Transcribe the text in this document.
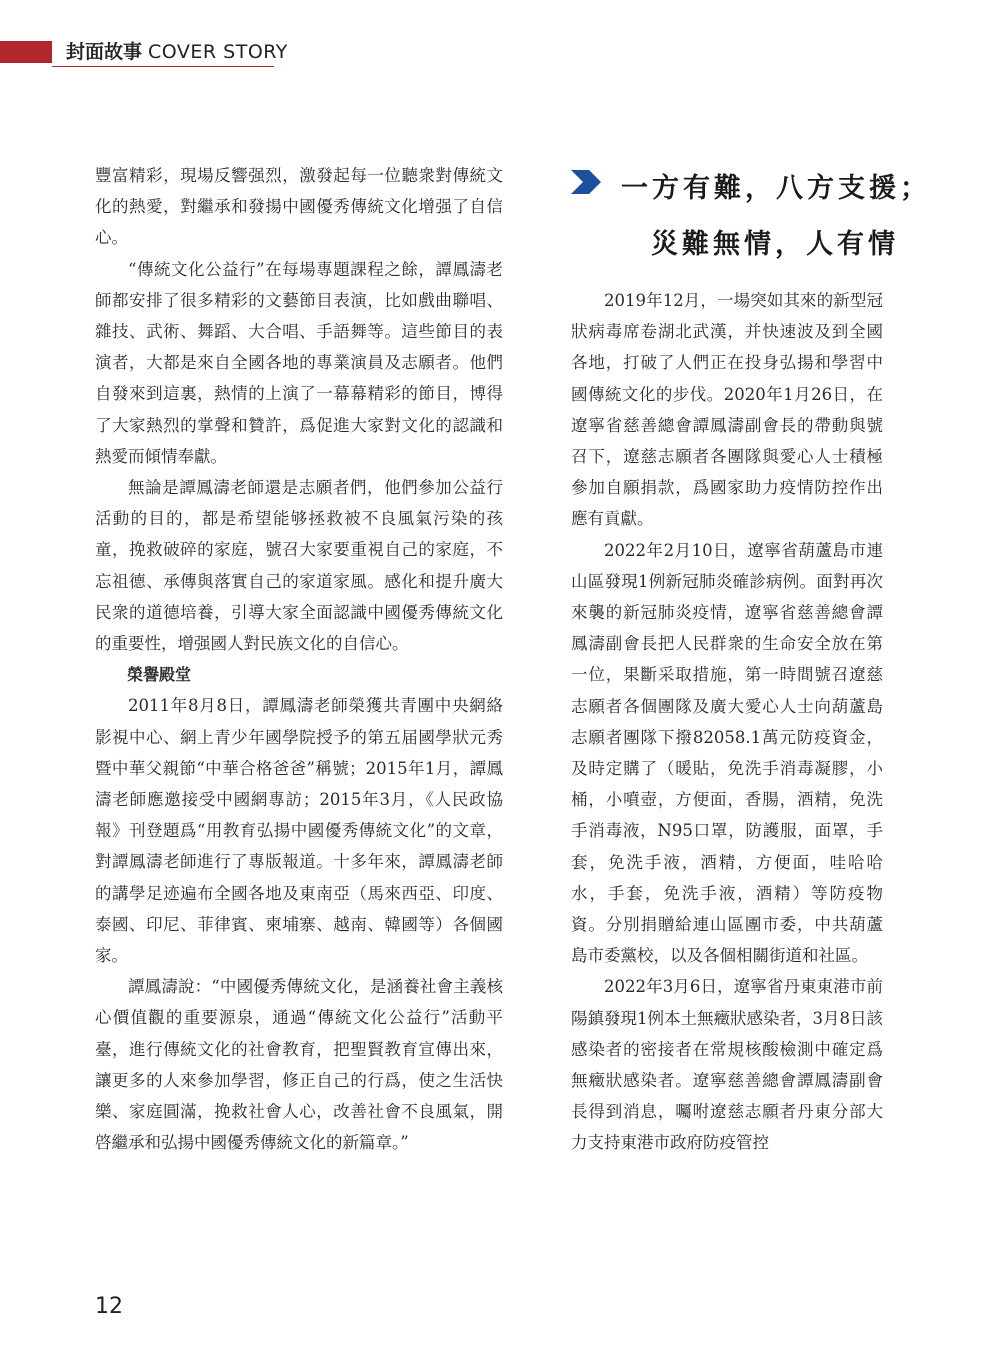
封面故事 COVER STORY

豐富精彩，現場反響强烈，激發起每一位聽衆對傳統文化的熱愛，對繼承和發揚中國優秀傳統文化增强了自信心。

“傳統文化公益行”在每場專題課程之餘，譚鳳濤老師都安排了很多精彩的文藝節目表演，比如戲曲聯唱、雜技、武術、舞蹈、大合唱、手語舞等。這些節目的表演者，大都是來自全國各地的專業演員及志願者。他們自發來到這裏，熱情的上演了一幕幕精彩的節目，博得了大家熱烈的掌聲和贊許，爲促進大家對文化的認識和熱愛而傾情奉獻。

無論是譚鳳濤老師還是志願者們，他們參加公益行活動的目的，都是希望能够拯救被不良風氣污染的孩童，挽救破碎的家庭，號召大家要重視自己的家庭，不忘祖德、承傳與落實自己的家道家風。感化和提升廣大民衆的道德培養，引導大家全面認識中國優秀傳統文化的重要性，增强國人對民族文化的自信心。

榮譽殿堂

2011年8月8日，譚鳳濤老師榮獲共青團中央網絡影視中心、網上青少年國學院授予的第五届國學狀元秀暨中華父親節“中華合格爸爸”稱號；2015年1月，譚鳳濤老師應邀接受中國網專訪；2015年3月，《人民政協報》刊登題爲“用教育弘揚中國優秀傳統文化”的文章，對譚鳳濤老師進行了專版報道。十多年來，譚鳳濤老師的講學足迹遍布全國各地及東南亞（馬來西亞、印度、泰國、印尼、菲律賓、柬埔寨、越南、韓國等）各個國家。

譚鳳濤說：“中國優秀傳統文化，是涵養社會主義核心價值觀的重要源泉，通過“傳統文化公益行”活動平臺，進行傳統文化的社會教育，把聖賢教育宣傳出來，讓更多的人來參加學習，修正自己的行爲，使之生活快樂、家庭圓滿，挽救社會人心，改善社會不良風氣，開啓繼承和弘揚中國優秀傳統文化的新篇章。”

一方有難，八方支援；
災難無情，人有情

2019年12月，一場突如其來的新型冠狀病毒席卷湖北武漢，并快速波及到全國各地，打破了人們正在投身弘揚和學習中國傳統文化的步伐。2020年1月26日，在遼寧省慈善總會譚鳳濤副會長的帶動與號召下，遼慈志願者各團隊與愛心人士積極參加自願捐款，爲國家助力疫情防控作出應有貢獻。

2022年2月10日，遼寧省葫蘆島市連山區發現1例新冠肺炎確診病例。面對再次來襲的新冠肺炎疫情，遼寧省慈善總會譚鳳濤副會長把人民群衆的生命安全放在第一位，果斷采取措施，第一時間號召遼慈志願者各個團隊及廣大愛心人士向葫蘆島志願者團隊下撥82058.1萬元防疫資金，及時定購了（暖貼，免洗手消毒凝膠，小桶，小噴壺，方便面，香腸，酒精，免洗手消毒液，N95口罩，防護服，面罩，手套，免洗手液，酒精，方便面，哇哈哈水，手套，免洗手液，酒精）等防疫物資。分別捐贈給連山區團市委，中共葫蘆島市委黨校，以及各個相關街道和社區。

2022年3月6日，遼寧省丹東東港市前陽鎮發現1例本土無癥狀感染者，3月8日該感染者的密接者在常規核酸檢測中確定爲無癥狀感染者。遼寧慈善總會譚鳳濤副會長得到消息，囑咐遼慈志願者丹東分部大力支持東港市政府防疫管控

12
